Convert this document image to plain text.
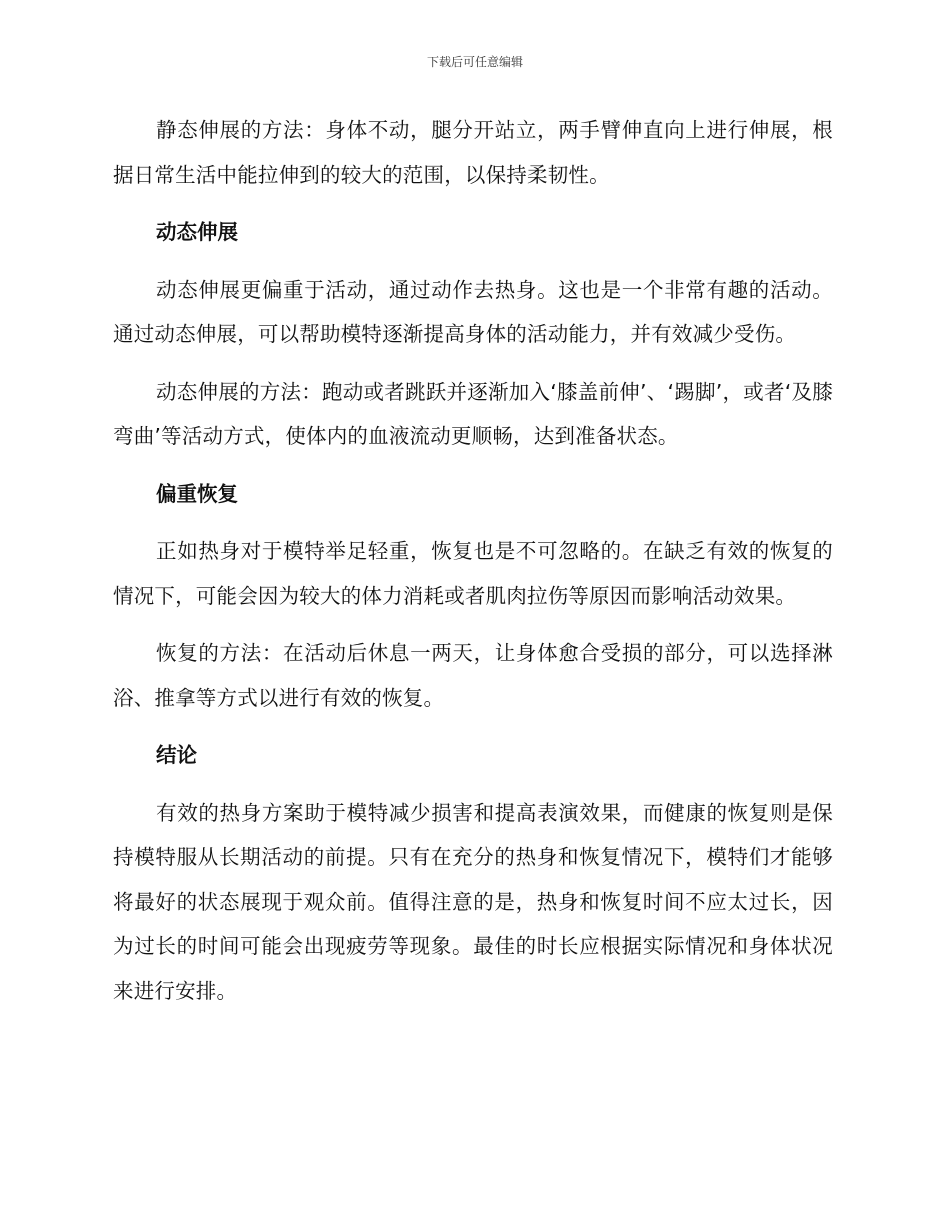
下载后可任意编辑

静态伸展的方法：身体不动，腿分开站立，两手臂伸直向上进行伸展，根据日常生活中能拉伸到的较大的范围，以保持柔韧性。

动态伸展

动态伸展更偏重于活动，通过动作去热身。这也是一个非常有趣的活动。通过动态伸展，可以帮助模特逐渐提高身体的活动能力，并有效减少受伤。

动态伸展的方法：跑动或者跳跃并逐渐加入‘膝盖前伸’、‘踢脚’，或者‘及膝弯曲’等活动方式，使体内的血液流动更顺畅，达到准备状态。

偏重恢复

正如热身对于模特举足轻重，恢复也是不可忽略的。在缺乏有效的恢复的情况下，可能会因为较大的体力消耗或者肌肉拉伤等原因而影响活动效果。

恢复的方法：在活动后休息一两天，让身体愈合受损的部分，可以选择淋浴、推拿等方式以进行有效的恢复。

结论

有效的热身方案助于模特减少损害和提高表演效果，而健康的恢复则是保持模特服从长期活动的前提。只有在充分的热身和恢复情况下，模特们才能够将最好的状态展现于观众前。值得注意的是，热身和恢复时间不应太过长，因为过长的时间可能会出现疲劳等现象。最佳的时长应根据实际情况和身体状况来进行安排。
